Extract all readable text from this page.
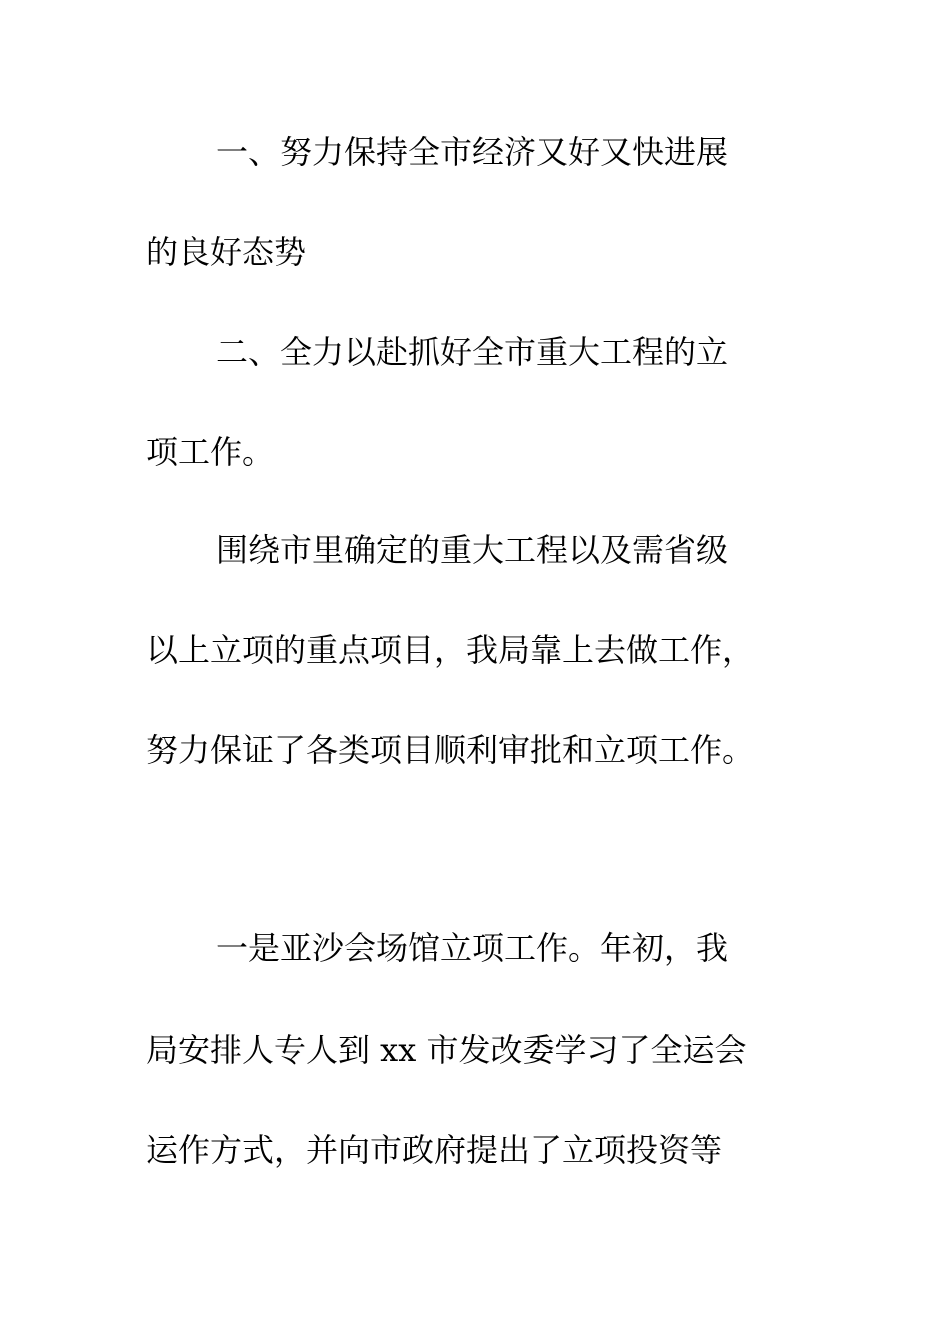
一、努力保持全市经济又好又快进展
的良好态势
二、全力以赴抓好全市重大工程的立
项工作。
围绕市里确定的重大工程以及需省级
以上立项的重点项目，我局靠上去做工作，
努力保证了各类项目顺利审批和立项工作。
一是亚沙会场馆立项工作。年初，我
局安排人专人到 xx 市发改委学习了全运会
运作方式，并向市政府提出了立项投资等
